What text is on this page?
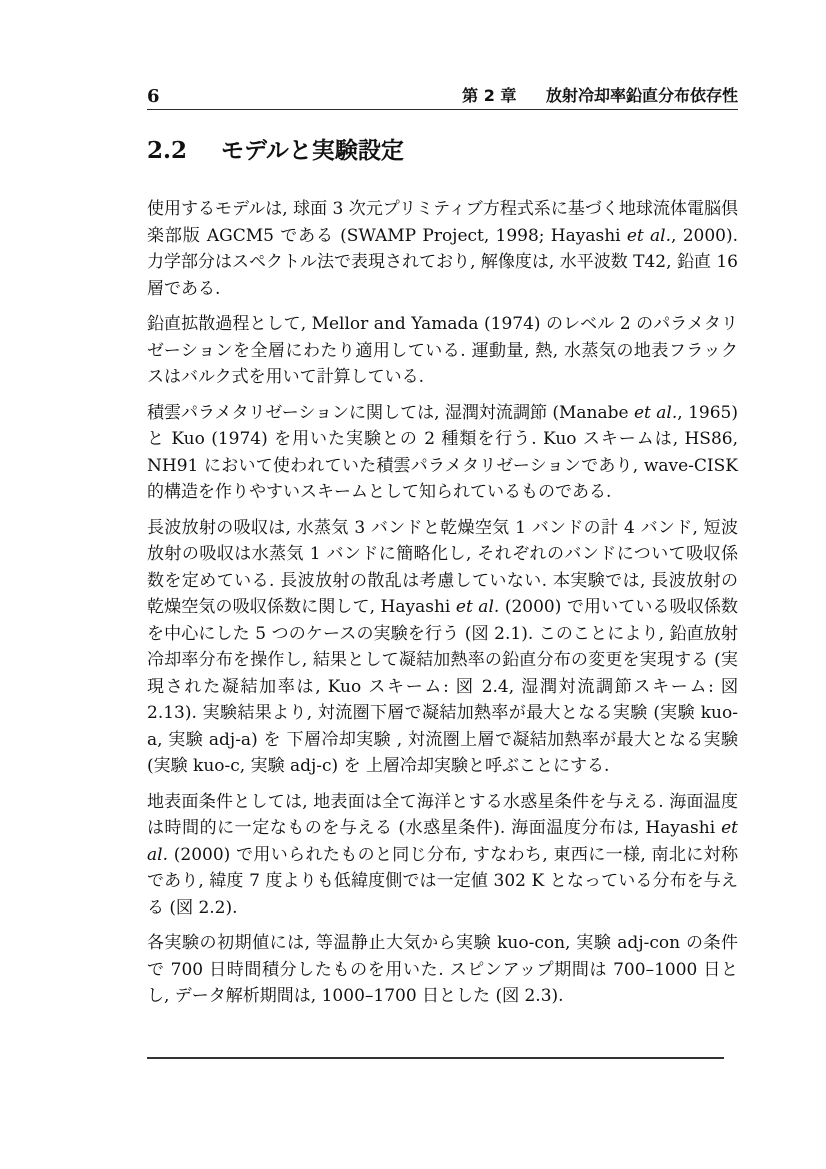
6	第 2 章 放射冷却率鉛直分布依存性
2.2 モデルと実験設定

使用するモデルは, 球面 3 次元プリミティブ方程式系に基づく地球流体電脳倶楽部版 AGCM5 である (SWAMP Project, 1998; Hayashi et al., 2000). 力学部分はスペクトル法で表現されており, 解像度は, 水平波数 T42, 鉛直 16 層である.

鉛直拡散過程として, Mellor and Yamada (1974) のレベル 2 のパラメタリゼーションを全層にわたり適用している. 運動量, 熱, 水蒸気の地表フラックスはバルク式を用いて計算している.

積雲パラメタリゼーションに関しては, 湿潤対流調節 (Manabe et al., 1965) と Kuo (1974) を用いた実験との 2 種類を行う. Kuo スキームは, HS86, NH91 において使われていた積雲パラメタリゼーションであり, wave-CISK 的構造を作りやすいスキームとして知られているものである.

長波放射の吸収は, 水蒸気 3 バンドと乾燥空気 1 バンドの計 4 バンド, 短波放射の吸収は水蒸気 1 バンドに簡略化し, それぞれのバンドについて吸収係数を定めている. 長波放射の散乱は考慮していない. 本実験では, 長波放射の乾燥空気の吸収係数に関して, Hayashi et al. (2000) で用いている吸収係数を中心にした 5 つのケースの実験を行う (図 2.1). このことにより, 鉛直放射冷却率分布を操作し, 結果として凝結加熱率の鉛直分布の変更を実現する (実現された凝結加率は, Kuo スキーム: 図 2.4, 湿潤対流調節スキーム: 図 2.13). 実験結果より, 対流圏下層で凝結加熱率が最大となる実験 (実験 kuo-a, 実験 adj-a) を 下層冷却実験 , 対流圏上層で凝結加熱率が最大となる実験 (実験 kuo-c, 実験 adj-c) を 上層冷却実験と呼ぶことにする.

地表面条件としては, 地表面は全て海洋とする水惑星条件を与える. 海面温度は時間的に一定なものを与える (水惑星条件). 海面温度分布は, Hayashi et al. (2000) で用いられたものと同じ分布, すなわち, 東西に一様, 南北に対称であり, 緯度 7 度よりも低緯度側では一定値 302 K となっている分布を与える (図 2.2).

各実験の初期値には, 等温静止大気から実験 kuo-con, 実験 adj-con の条件で 700 日時間積分したものを用いた. スピンアップ期間は 700–1000 日とし, データ解析期間は, 1000–1700 日とした (図 2.3).
